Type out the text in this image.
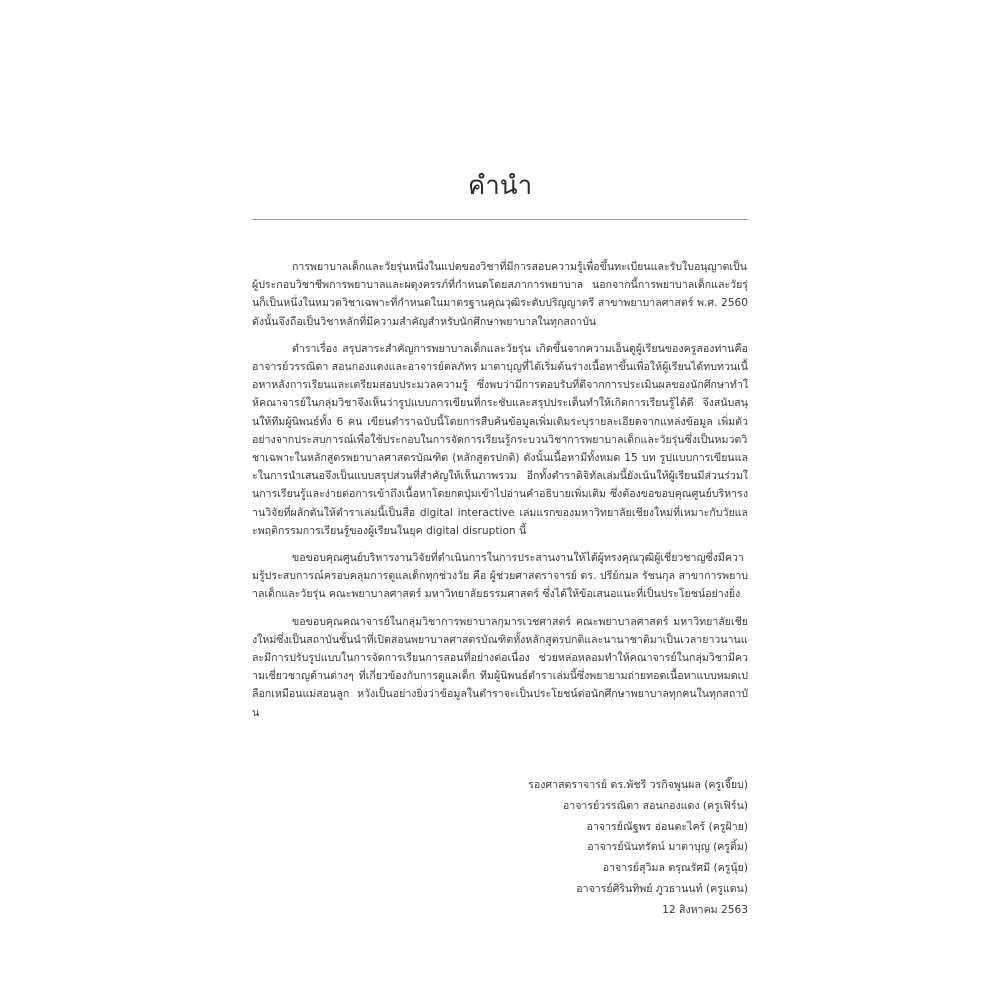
คำนำ

การพยาบาลเด็กและวัยรุ่นหนึ่งในแปดของวิชาที่มีการสอบความรู้เพื่อขึ้นทะเบียนและรับใบอนุญาตเป็นผู้ประกอบวิชาชีพการพยาบาลและผดุงครรภ์ที่กำหนดโดยสภาการพยาบาล นอกจากนี้การพยาบาลเด็กและวัยรุ่นก็เป็นหนึ่งในหมวดวิชาเฉพาะที่กำหนดในมาตรฐานคุณวุฒิระดับปริญญาตรี สาขาพยาบาลศาสตร์ พ.ศ. 2560 ดังนั้นจึงถือเป็นวิชาหลักที่มีความสำคัญสำหรับนักศึกษาพยาบาลในทุกสถาบัน

ตำราเรื่อง สรุปสาระสำคัญการพยาบาลเด็กและวัยรุ่น เกิดขึ้นจากความเอ็นดูผู้เรียนของครูสองท่านคือ อาจารย์วรรณิดา สอนกองแดงและอาจารย์ดลภัทร มาตาบุญที่ได้เริ่มต้นร่างเนื้อหาขึ้นเพื่อให้ผู้เรียนได้ทบทวนเนื้อหาหลังการเรียนและเตรียมสอบประมวลความรู้ ซึ่งพบว่ามีการตอบรับที่ดีจากการประเมินผลของนักศึกษาทำให้คณาจารย์ในกลุ่มวิชาจึงเห็นว่ารูปแบบการเขียนที่กระชับและสรุปประเด็นทำให้เกิดการเรียนรู้ได้ดี จึงสนับสนุนให้ทีมผู้นิพนธ์ทั้ง 6 คน เขียนตำราฉบับนี้โดยการสืบค้นข้อมูลเพิ่มเติมระบุรายละเอียดจากแหล่งข้อมูล เพิ่มตัวอย่างจากประสบการณ์เพื่อใช้ประกอบในการจัดการเรียนรู้กระบวนวิชาการพยาบาลเด็กและวัยรุ่นซึ่งเป็นหมวดวิชาเฉพาะในหลักสูตรพยาบาลศาสตรบัณฑิต (หลักสูตรปกติ) ดังนั้นเนื้อหามีทั้งหมด 15 บท รูปแบบการเขียนและในการนำเสนอจึงเป็นแบบสรุปส่วนที่สำคัญให้เห็นภาพรวม อีกทั้งตำราดิจิทัลเล่มนี้ยังเน้นให้ผู้เรียนมีส่วนร่วมในการเรียนรู้และง่ายต่อการเข้าถึงเนื้อหาโดยกดปุ่มเข้าไปอ่านคำอธิบายเพิ่มเติม ซึ่งต้องขอขอบคุณศูนย์บริหารงานวิจัยที่ผลักดันให้ตำราเล่มนี้เป็นสื่อ digital interactive เล่มแรกของมหาวิทยาลัยเชียงใหม่ที่เหมาะกับวัยและพฤติกรรมการเรียนรู้ของผู้เรียนในยุค digital disruption นี้

ขอขอบคุณศูนย์บริหารงานวิจัยที่ดำเนินการในการประสานงานให้ได้ผู้ทรงคุณวุฒิผู้เชี่ยวชาญซึ่งมีความรู้ประสบการณ์ครอบคลุมการดูแลเด็กทุกช่วงวัย คือ ผู้ช่วยศาสตราจารย์ ดร. ปรีย์กมล รัชนกุล สาขาการพยาบาลเด็กและวัยรุ่น คณะพยาบาลศาสตร์ มหาวิทยาลัยธรรมศาสตร์ ซึ่งได้ให้ข้อเสนอแนะที่เป็นประโยชน์อย่างยิ่ง

ขอขอบคุณคณาจารย์ในกลุ่มวิชาการพยาบาลกุมารเวชศาสตร์ คณะพยาบาลศาสตร์ มหาวิทยาลัยเชียงใหม่ซึ่งเป็นสถาบันชั้นนำที่เปิดสอนพยาบาลศาสตรบัณฑิตทั้งหลักสูตรปกติและนานาชาติมาเป็นเวลายาวนานและมีการปรับรูปแบบในการจัดการเรียนการสอนที่อย่างต่อเนื่อง ช่วยหล่อหลอมทำให้คณาจารย์ในกลุ่มวิชามีความเชี่ยวชาญด้านต่างๆ ที่เกี่ยวข้องกับการดูแลเด็ก ทีมผู้นิพนธ์ตำราเล่มนี้ซึ่งพยายามถ่ายทอดเนื้อหาแบบหมดเปลือกเหมือนแม่สอนลูก หวังเป็นอย่างยิ่งว่าข้อมูลในตำราจะเป็นประโยชน์ต่อนักศึกษาพยาบาลทุกคนในทุกสถาบัน

รองศาสตราจารย์ ดร.พัชรี วรกิจพูนผล (ครูเจี๊ยบ)
อาจารย์วรรณิดา สอนกองแดง (ครูเฟิร์น)
อาจารย์ณัฐพร อ่อนตะไคร้ (ครูฝ้าย)
อาจารย์นันทรัตน์ มาตาบุญ (ครูติ้ม)
อาจารย์สุวิมล ตรุณรัศมี (ครูนุ้ย)
อาจารย์ศิรินทิพย์ ภูวธานนท์ (ครูแดน)
12 สิงหาคม 2563
